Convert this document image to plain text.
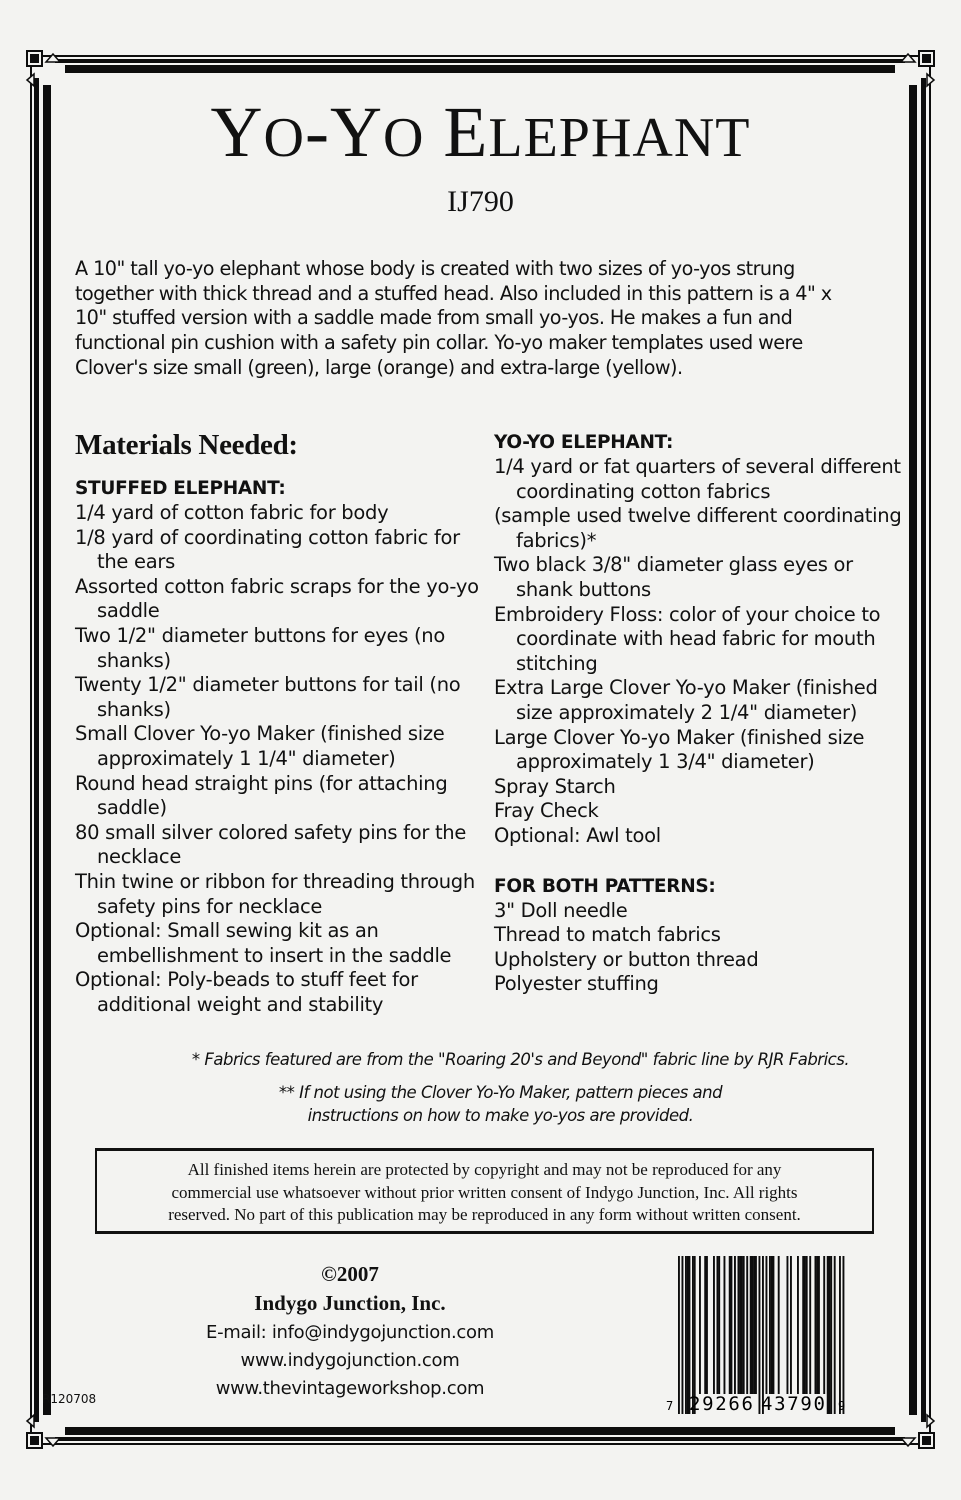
YO-YO ELEPHANT
IJ790
A 10" tall yo-yo elephant whose body is created with two sizes of yo-yos strung together with thick thread and a stuffed head. Also included in this pattern is a 4" x 10" stuffed version with a saddle made from small yo-yos. He makes a fun and functional pin cushion with a safety pin collar. Yo-yo maker templates used were Clover's size small (green), large (orange) and extra-large (yellow).
Materials Needed:
STUFFED ELEPHANT:
1/4 yard of cotton fabric for body
1/8 yard of coordinating cotton fabric for the ears
Assorted cotton fabric scraps for the yo-yo saddle
Two 1/2" diameter buttons for eyes (no shanks)
Twenty 1/2" diameter buttons for tail (no shanks)
Small Clover Yo-yo Maker (finished size approximately 1 1/4" diameter)
Round head straight pins (for attaching saddle)
80 small silver colored safety pins for the necklace
Thin twine or ribbon for threading through safety pins for necklace
Optional: Small sewing kit as an embellishment to insert in the saddle
Optional: Poly-beads to stuff feet for additional weight and stability
YO-YO ELEPHANT:
1/4 yard or fat quarters of several different coordinating cotton fabrics
(sample used twelve different coordinating fabrics)*
Two black 3/8" diameter glass eyes or shank buttons
Embroidery Floss: color of your choice to coordinate with head fabric for mouth stitching
Extra Large Clover Yo-yo Maker (finished size approximately 2 1/4" diameter)
Large Clover Yo-yo Maker (finished size approximately 1 3/4" diameter)
Spray Starch
Fray Check
Optional: Awl tool
FOR BOTH PATTERNS:
3" Doll needle
Thread to match fabrics
Upholstery or button thread
Polyester stuffing
* Fabrics featured are from the "Roaring 20's and Beyond" fabric line by RJR Fabrics.
** If not using the Clover Yo-Yo Maker, pattern pieces and
instructions on how to make yo-yos are provided.
All finished items herein are protected by copyright and may not be reproduced for any
commercial use whatsoever without prior written consent of Indygo Junction, Inc. All rights
reserved. No part of this publication may be reproduced in any form without written consent.
©2007
Indygo Junction, Inc.
E-mail: info@indygojunction.com
www.indygojunction.com
www.thevintageworkshop.com
R120708	7 29266 43790 9
